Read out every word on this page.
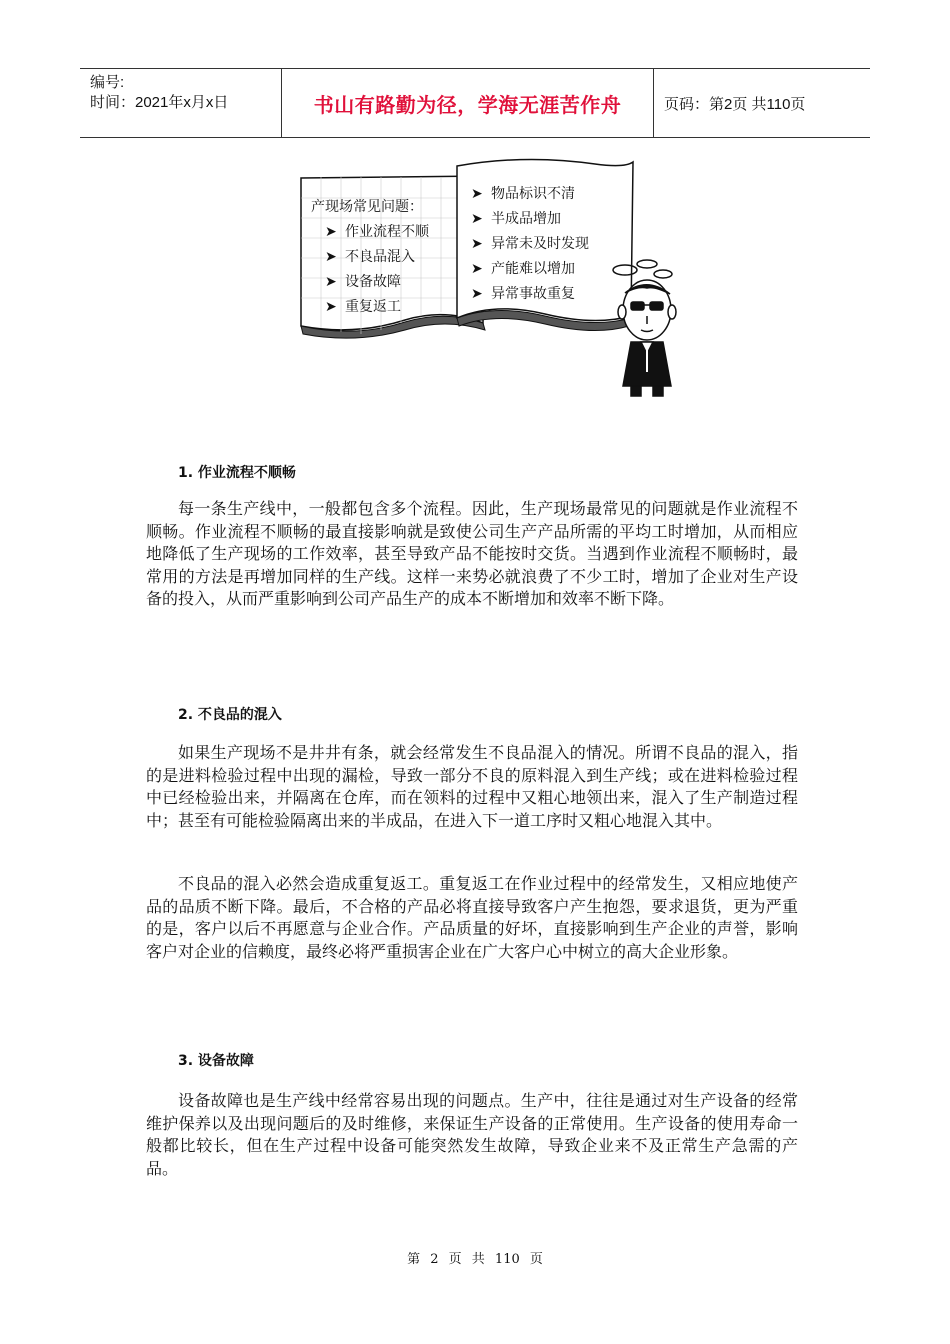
编号:
时间：2021年x月x日	书山有路勤为径，学海无涯苦作舟	页码：第2页 共110页
产现场常见问题：
➤ 作业流程不顺
➤ 不良品混入
➤ 设备故障
➤ 重复返工
➤ 物品标识不清
➤ 半成品增加
➤ 异常未及时发现
➤ 产能难以增加
➤ 异常事故重复
1. 作业流程不顺畅

每一条生产线中，一般都包含多个流程。因此，生产现场最常见的问题就是作业流程不顺畅。作业流程不顺畅的最直接影响就是致使公司生产产品所需的平均工时增加，从而相应地降低了生产现场的工作效率，甚至导致产品不能按时交货。当遇到作业流程不顺畅时，最常用的方法是再增加同样的生产线。这样一来势必就浪费了不少工时，增加了企业对生产设备的投入，从而严重影响到公司产品生产的成本不断增加和效率不断下降。

2. 不良品的混入

如果生产现场不是井井有条，就会经常发生不良品混入的情况。所谓不良品的混入，指的是进料检验过程中出现的漏检，导致一部分不良的原料混入到生产线；或在进料检验过程中已经检验出来，并隔离在仓库，而在领料的过程中又粗心地领出来，混入了生产制造过程中；甚至有可能检验隔离出来的半成品，在进入下一道工序时又粗心地混入其中。

不良品的混入必然会造成重复返工。重复返工在作业过程中的经常发生，又相应地使产品的品质不断下降。最后，不合格的产品必将直接导致客户产生抱怨，要求退货，更为严重的是，客户以后不再愿意与企业合作。产品质量的好坏，直接影响到生产企业的声誉，影响客户对企业的信赖度，最终必将严重损害企业在广大客户心中树立的高大企业形象。

3. 设备故障

设备故障也是生产线中经常容易出现的问题点。生产中，往往是通过对生产设备的经常维护保养以及出现问题后的及时维修，来保证生产设备的正常使用。生产设备的使用寿命一般都比较长，但在生产过程中设备可能突然发生故障，导致企业来不及正常生产急需的产品。

第 2 页 共 110 页
